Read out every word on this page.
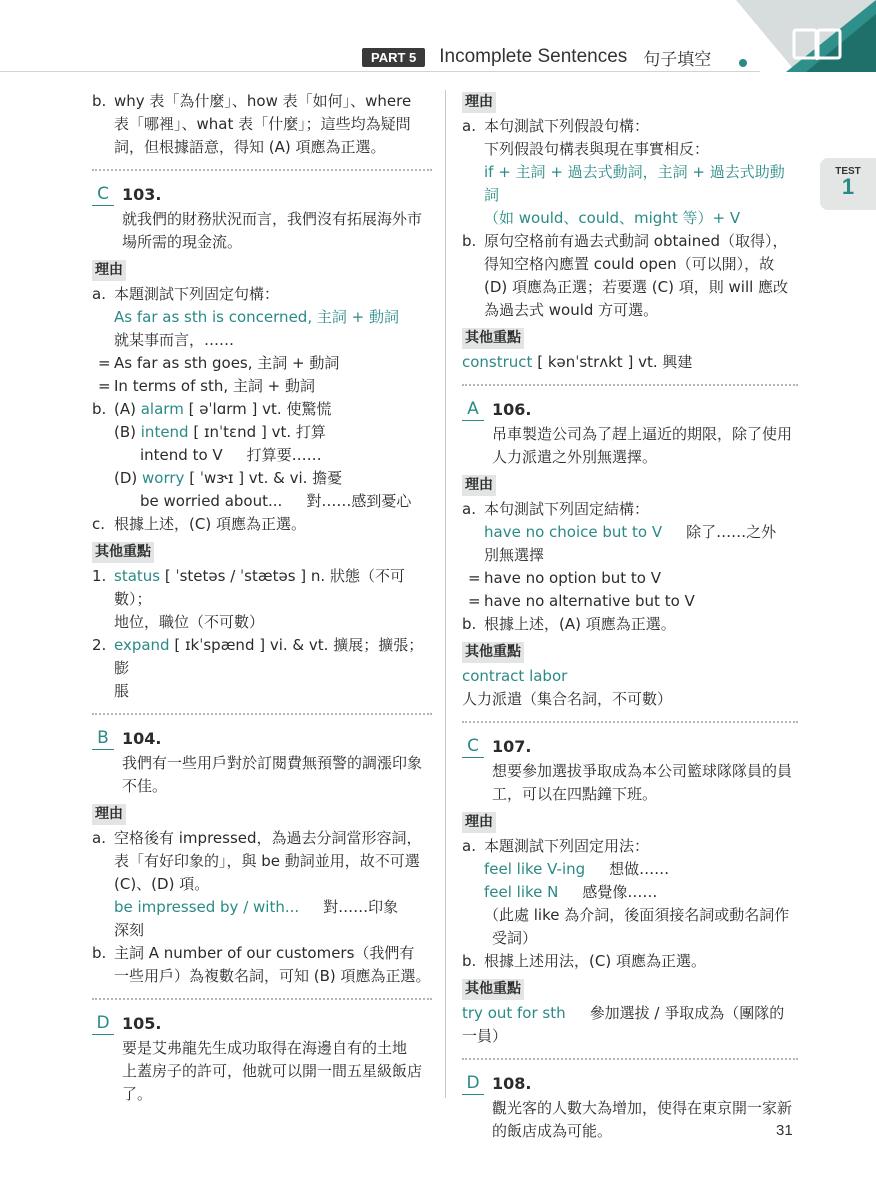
PART 5	Incomplete Sentences 句子填空
TEST
1
b. why 表「為什麼」、how 表「如何」、where
表「哪裡」、what 表「什麼」；這些均為疑問
詞，但根據語意，得知 (A) 項應為正選。
C 103.
就我們的財務狀況而言，我們沒有拓展海外市
場所需的現金流。
理由
a. 本題測試下列固定句構：
As far as sth is concerned, 主詞 + 動詞
就某事而言，……
= As far as sth goes, 主詞 + 動詞
= In terms of sth, 主詞 + 動詞
b. (A) alarm [ əˈlɑrm ] vt. 使驚慌
(B) intend [ ɪnˈtɛnd ] vt. 打算
intend to V 打算要……
(D) worry [ ˈwɝɪ ] vt. & vi. 擔憂
be worried about... 對……感到憂心
c. 根據上述，(C) 項應為正選。
其他重點
1. status [ ˈstetəs / ˈstætəs ] n. 狀態（不可數）；
地位，職位（不可數）
2. expand [ ɪkˈspænd ] vi. & vt. 擴展；擴張；膨
脹
B 104.
我們有一些用戶對於訂閱費無預警的調漲印象
不佳。
理由
a. 空格後有 impressed，為過去分詞當形容詞，
表「有好印象的」，與 be 動詞並用，故不可選
(C)、(D) 項。
be impressed by / with... 對……印象
深刻
b. 主詞 A number of our customers（我們有
一些用戶）為複數名詞，可知 (B) 項應為正選。
D 105.
要是艾弗龍先生成功取得在海邊自有的土地
上蓋房子的許可，他就可以開一間五星級飯店
了。
理由
a. 本句測試下列假設句構：
下列假設句構表與現在事實相反：
if + 主詞 + 過去式動詞，主詞 + 過去式助動詞
（如 would、could、might 等）+ V
b. 原句空格前有過去式動詞 obtained（取得），
得知空格內應置 could open（可以開），故
(D) 項應為正選；若要選 (C) 項，則 will 應改
為過去式 would 方可選。
其他重點
construct [ kənˈstrʌkt ] vt. 興建
A 106.
吊車製造公司為了趕上逼近的期限，除了使用
人力派遣之外別無選擇。
理由
a. 本句測試下列固定結構：
have no choice but to V 除了……之外
別無選擇
= have no option but to V
= have no alternative but to V
b. 根據上述，(A) 項應為正選。
其他重點
contract labor人力派遣（集合名詞，不可數）
C 107.
想要參加選拔爭取成為本公司籃球隊隊員的員
工，可以在四點鐘下班。
理由
a. 本題測試下列固定用法：
feel like V-ing 想做……
feel like N 感覺像……
（此處 like 為介詞，後面須接名詞或動名詞作
受詞）
b. 根據上述用法，(C) 項應為正選。
其他重點
try out for sth 參加選拔 / 爭取成為（團隊的
一員）
D 108.
觀光客的人數大為增加，使得在東京開一家新
的飯店成為可能。	31
